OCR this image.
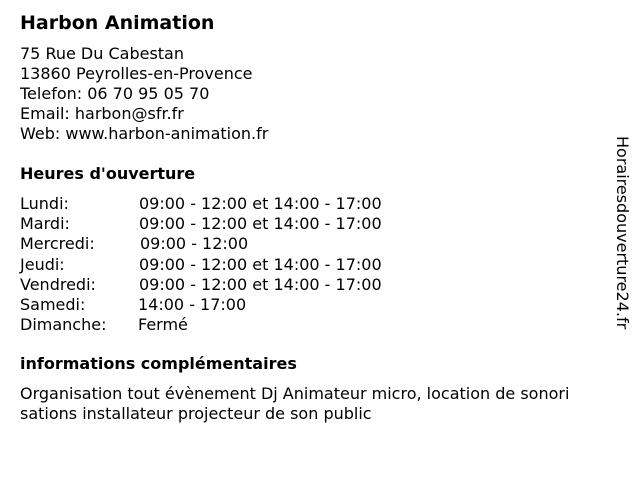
Harbon Animation
75 Rue Du Cabestan
13860 Peyrolles-en-Provence
Telefon: 06 70 95 05 70
Email: harbon@sfr.fr
Web: www.harbon-animation.fr
Heures d'ouverture
Lundi:	09:00 - 12:00 et 14:00 - 17:00
Mardi:	09:00 - 12:00 et 14:00 - 17:00
Mercredi:	09:00 - 12:00
Jeudi:	09:00 - 12:00 et 14:00 - 17:00
Vendredi:	09:00 - 12:00 et 14:00 - 17:00
Samedi:	14:00 - 17:00
Dimanche: Fermé
informations complémentaires
Organisation tout évènement Dj Animateur micro, location de sonori
sations installateur projecteur de son public
Horairesdouverture24.fr
